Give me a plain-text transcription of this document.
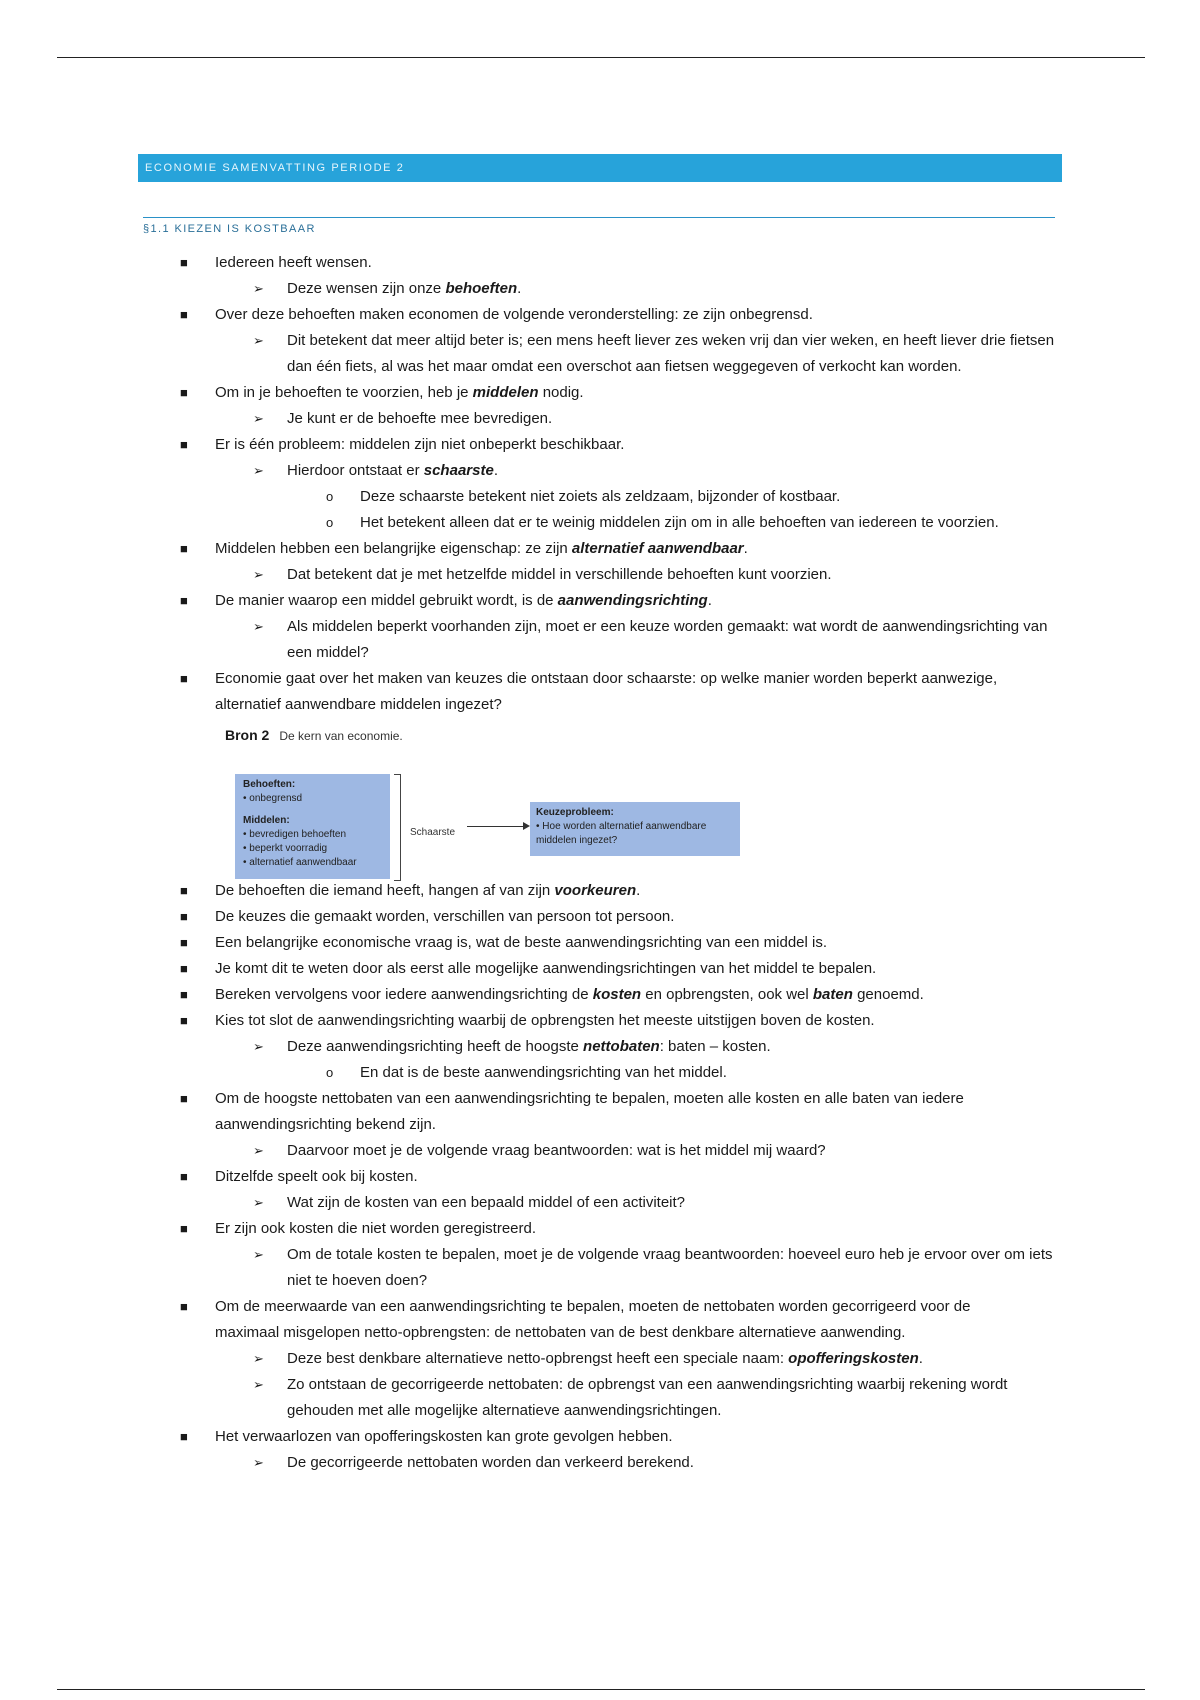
ECONOMIE SAMENVATTING PERIODE 2
§1.1 KIEZEN IS KOSTBAAR
■ Iedereen heeft wensen.
➢ Deze wensen zijn onze behoeften.
■ Over deze behoeften maken economen de volgende veronderstelling: ze zijn onbegrensd.
➢ Dit betekent dat meer altijd beter is; een mens heeft liever zes weken vrij dan vier weken, en heeft liever drie fietsen dan één fiets, al was het maar omdat een overschot aan fietsen weggegeven of verkocht kan worden.
■ Om in je behoeften te voorzien, heb je middelen nodig.
➢ Je kunt er de behoefte mee bevredigen.
■ Er is één probleem: middelen zijn niet onbeperkt beschikbaar.
➢ Hierdoor ontstaat er schaarste.
o Deze schaarste betekent niet zoiets als zeldzaam, bijzonder of kostbaar.
o Het betekent alleen dat er te weinig middelen zijn om in alle behoeften van iedereen te voorzien.
■ Middelen hebben een belangrijke eigenschap: ze zijn alternatief aanwendbaar.
➢ Dat betekent dat je met hetzelfde middel in verschillende behoeften kunt voorzien.
■ De manier waarop een middel gebruikt wordt, is de aanwendingsrichting.
➢ Als middelen beperkt voorhanden zijn, moet er een keuze worden gemaakt: wat wordt de aanwendingsrichting van een middel?
■ Economie gaat over het maken van keuzes die ontstaan door schaarste: op welke manier worden beperkt aanwezige, alternatief aanwendbare middelen ingezet?
Bron 2 De kern van economie.
Behoeften:
• onbegrensd

Middelen:
• bevredigen behoeften
• beperkt voorradig
• alternatief aanwendbaar
Schaarste
Keuzeprobleem:
• Hoe worden alternatief aanwendbare middelen ingezet?
■ De behoeften die iemand heeft, hangen af van zijn voorkeuren.
■ De keuzes die gemaakt worden, verschillen van persoon tot persoon.
■ Een belangrijke economische vraag is, wat de beste aanwendingsrichting van een middel is.
■ Je komt dit te weten door als eerst alle mogelijke aanwendingsrichtingen van het middel te bepalen.
■ Bereken vervolgens voor iedere aanwendingsrichting de kosten en opbrengsten, ook wel baten genoemd.
■ Kies tot slot de aanwendingsrichting waarbij de opbrengsten het meeste uitstijgen boven de kosten.
➢ Deze aanwendingsrichting heeft de hoogste nettobaten: baten – kosten.
o En dat is de beste aanwendingsrichting van het middel.
■ Om de hoogste nettobaten van een aanwendingsrichting te bepalen, moeten alle kosten en alle baten van iedere aanwendingsrichting bekend zijn.
➢ Daarvoor moet je de volgende vraag beantwoorden: wat is het middel mij waard?
■ Ditzelfde speelt ook bij kosten.
➢ Wat zijn de kosten van een bepaald middel of een activiteit?
■ Er zijn ook kosten die niet worden geregistreerd.
➢ Om de totale kosten te bepalen, moet je de volgende vraag beantwoorden: hoeveel euro heb je ervoor over om iets niet te hoeven doen?
■ Om de meerwaarde van een aanwendingsrichting te bepalen, moeten de nettobaten worden gecorrigeerd voor de maximaal misgelopen netto-opbrengsten: de nettobaten van de best denkbare alternatieve aanwending.
➢ Deze best denkbare alternatieve netto-opbrengst heeft een speciale naam: opofferingskosten.
➢ Zo ontstaan de gecorrigeerde nettobaten: de opbrengst van een aanwendingsrichting waarbij rekening wordt gehouden met alle mogelijke alternatieve aanwendingsrichtingen.
■ Het verwaarlozen van opofferingskosten kan grote gevolgen hebben.
➢ De gecorrigeerde nettobaten worden dan verkeerd berekend.
